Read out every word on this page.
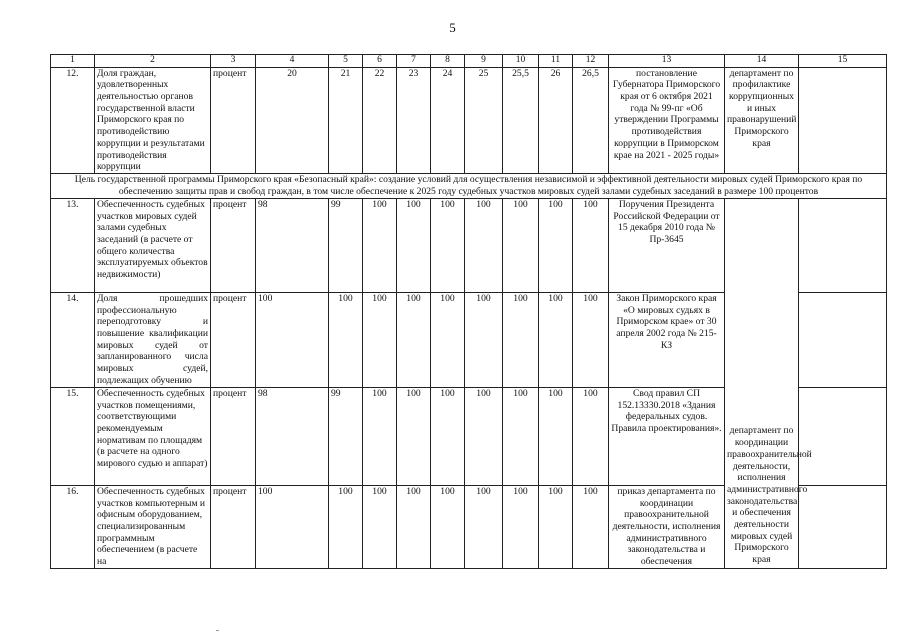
5
1	2	3	4	5	6	7	8	9	10	11	12	13	14	15
12.	Доля граждан, удовлетворенных деятельностью органов государственной власти Приморского края по противодействию коррупции и результатами противодействия коррупции	процент	20	21	22	23	24	25	25,5	26	26,5	постановление Губернатора Приморского края от 6 октября 2021 года № 99-пг «Об утверждении Программы противодействия коррупции в Приморском крае на 2021 - 2025 годы»	департамент по профилактике коррупционных и иных правонарушений Приморского края	
Цель государственной программы Приморского края «Безопасный край»: создание условий для осуществления независимой и эффективной деятельности мировых судей Приморского края по обеспечению защиты прав и свобод граждан, в том числе обеспечение к 2025 году судебных участков мировых судей залами судебных заседаний в размере 100 процентов														
13.	Обеспеченность судебных участков мировых судей залами судебных заседаний (в расчете от общего количества эксплуатируемых объектов недвижимости)	процент	98	99	100	100	100	100	100	100	100	Поручения Президента Российской Федерации от 15 декабря 2010 года № Пр-3645	департамент по координации правоохранительной деятельности, исполнения административного законодательства и обеспечения деятельности мировых судей Приморского края	
14.	Доля прошедших профессиональную переподготовку и повышение квалификации мировых судей от запланированного числа мировых судей, подлежащих обучению	процент	100	100	100	100	100	100	100	100	100	Закон Приморского края «О мировых судьях в Приморском крае» от 30 апреля 2002 года № 215-КЗ		
15.	Обеспеченность судебных участков помещениями, соответствующими рекомендуемым нормативам по площадям (в расчете на одного мирового судью и аппарат)	процент	98	99	100	100	100	100	100	100	100	Свод правил СП 152.13330.2018 «Здания федеральных судов. Правила проектирования».		
16.	Обеспеченность судебных участков компьютерным и офисным оборудованием, специализированным программным обеспечением (в расчете на	процент	100	100	100	100	100	100	100	100	100	приказ департамента по координации правоохранительной деятельности, исполнения административного законодательства и обеспечения		
